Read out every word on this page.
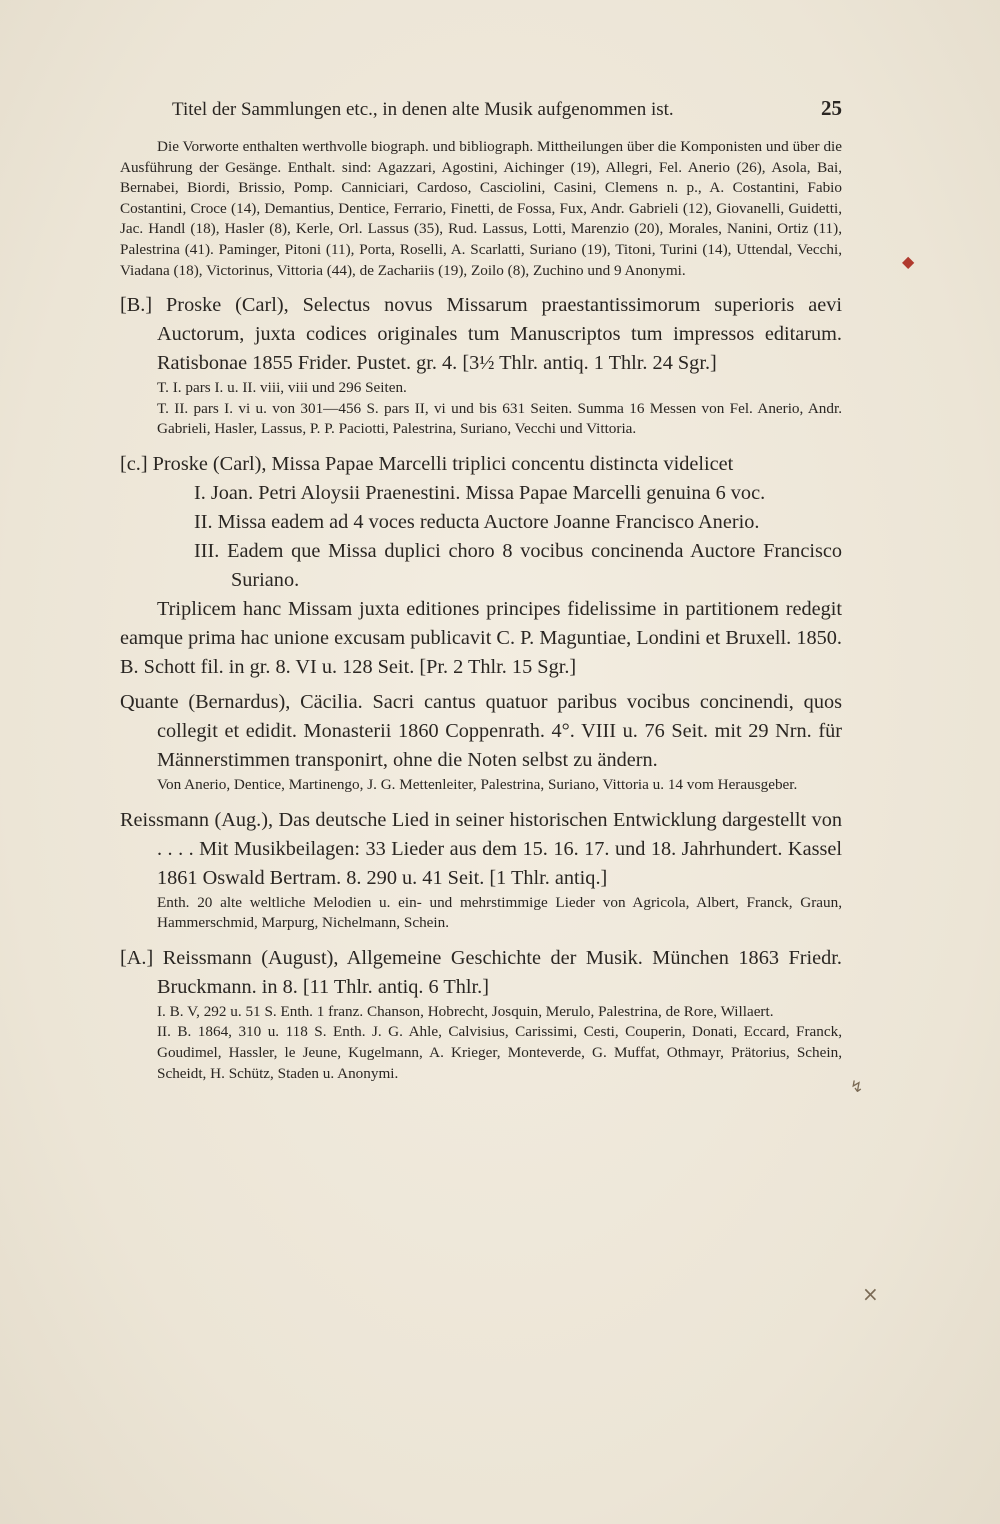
Titel der Sammlungen etc., in denen alte Musik aufgenommen ist.	25

Die Vorworte enthalten werthvolle biograph. und bibliograph. Mittheilungen über die Komponisten und über die Ausführung der Gesänge. Enthalt. sind: Agazzari, Agostini, Aichinger (19), Allegri, Fel. Anerio (26), Asola, Bai, Bernabei, Biordi, Brissio, Pomp. Canniciari, Cardoso, Casciolini, Casini, Clemens n. p., A. Costantini, Fabio Costantini, Croce (14), Demantius, Dentice, Ferrario, Finetti, de Fossa, Fux, Andr. Gabrieli (12), Giovanelli, Guidetti, Jac. Handl (18), Hasler (8), Kerle, Orl. Lassus (35), Rud. Lassus, Lotti, Marenzio (20), Morales, Nanini, Ortiz (11), Palestrina (41). Paminger, Pitoni (11), Porta, Roselli, A. Scarlatti, Suriano (19), Titoni, Turini (14), Uttendal, Vecchi, Viadana (18), Victorinus, Vittoria (44), de Zachariis (19), Zoilo (8), Zuchino und 9 Anonymi.

[B.] Proske (Carl), Selectus novus Missarum praestantissimorum superioris aevi Auctorum, juxta codices originales tum Manuscriptos tum impressos editarum. Ratisbonae 1855 Frider. Pustet. gr. 4. [3½ Thlr. antiq. 1 Thlr. 24 Sgr.]

T. I. pars I. u. II. viii, viii und 296 Seiten.

T. II. pars I. vi u. von 301—456 S. pars II, vi und bis 631 Seiten. Summa 16 Messen von Fel. Anerio, Andr. Gabrieli, Hasler, Lassus, P. P. Paciotti, Palestrina, Suriano, Vecchi und Vittoria.

[c.] Proske (Carl), Missa Papae Marcelli triplici concentu distincta videlicet

I. Joan. Petri Aloysii Praenestini. Missa Papae Marcelli genuina 6 voc.

II. Missa eadem ad 4 voces reducta Auctore Joanne Francisco Anerio.

III. Eadem que Missa duplici choro 8 vocibus concinenda Auctore Francisco Suriano.

Triplicem hanc Missam juxta editiones principes fidelissime in partitionem redegit eamque prima hac unione excusam publicavit C. P. Maguntiae, Londini et Bruxell. 1850. B. Schott fil. in gr. 8. VI u. 128 Seit. [Pr. 2 Thlr. 15 Sgr.]

Quante (Bernardus), Cäcilia. Sacri cantus quatuor paribus vocibus concinendi, quos collegit et edidit. Monasterii 1860 Coppenrath. 4°. VIII u. 76 Seit. mit 29 Nrn. für Männerstimmen transponirt, ohne die Noten selbst zu ändern.

Von Anerio, Dentice, Martinengo, J. G. Mettenleiter, Palestrina, Suriano, Vittoria u. 14 vom Herausgeber.

Reissmann (Aug.), Das deutsche Lied in seiner historischen Entwicklung dargestellt von . . . . Mit Musikbeilagen: 33 Lieder aus dem 15. 16. 17. und 18. Jahrhundert. Kassel 1861 Oswald Bertram. 8. 290 u. 41 Seit. [1 Thlr. antiq.]

Enth. 20 alte weltliche Melodien u. ein- und mehrstimmige Lieder von Agricola, Albert, Franck, Graun, Hammerschmid, Marpurg, Nichelmann, Schein.

[A.] Reissmann (August), Allgemeine Geschichte der Musik. München 1863 Friedr. Bruckmann. in 8. [11 Thlr. antiq. 6 Thlr.]

I. B. V, 292 u. 51 S. Enth. 1 franz. Chanson, Hobrecht, Josquin, Merulo, Palestrina, de Rore, Willaert.

II. B. 1864, 310 u. 118 S. Enth. J. G. Ahle, Calvisius, Carissimi, Cesti, Couperin, Donati, Eccard, Franck, Goudimel, Hassler, le Jeune, Kugelmann, A. Krieger, Monteverde, G. Muffat, Othmayr, Prätorius, Schein, Scheidt, H. Schütz, Staden u. Anonymi.

◆
↯
×
